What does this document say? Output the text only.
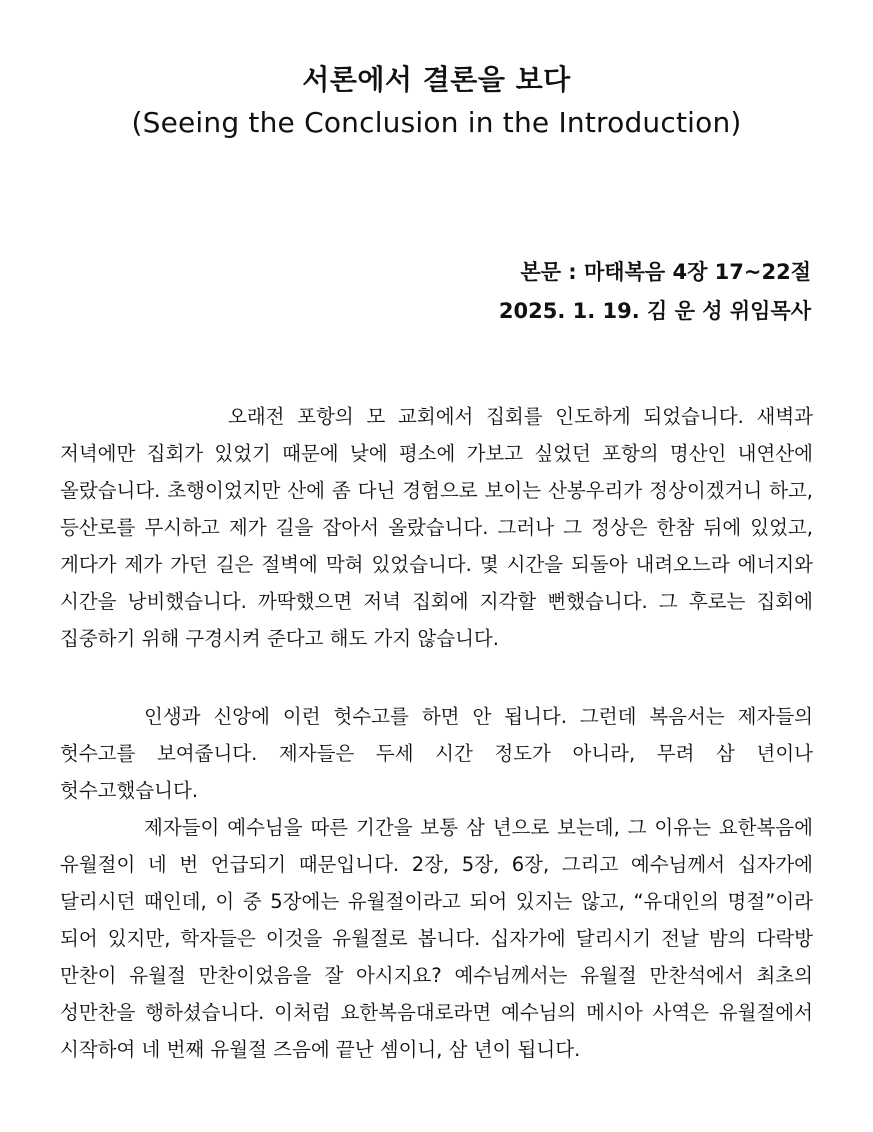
서론에서 결론을 보다
(Seeing the Conclusion in the Introduction)
본문 : 마태복음 4장 17~22절
2025. 1. 19. 김 운 성 위임목사

오래전 포항의 모 교회에서 집회를 인도하게 되었습니다. 새벽과 저녁에만 집회가 있었기 때문에 낮에 평소에 가보고 싶었던 포항의 명산인 내연산에 올랐습니다. 초행이었지만 산에 좀 다닌 경험으로 보이는 산봉우리가 정상이겠거니 하고, 등산로를 무시하고 제가 길을 잡아서 올랐습니다. 그러나 그 정상은 한참 뒤에 있었고, 게다가 제가 가던 길은 절벽에 막혀 있었습니다. 몇 시간을 되돌아 내려오느라 에너지와 시간을 낭비했습니다. 까딱했으면 저녁 집회에 지각할 뻔했습니다. 그 후로는 집회에 집중하기 위해 구경시켜 준다고 해도 가지 않습니다.

인생과 신앙에 이런 헛수고를 하면 안 됩니다. 그런데 복음서는 제자들의 헛수고를 보여줍니다. 제자들은 두세 시간 정도가 아니라, 무려 삼 년이나 헛수고했습니다.

제자들이 예수님을 따른 기간을 보통 삼 년으로 보는데, 그 이유는 요한복음에 유월절이 네 번 언급되기 때문입니다. 2장, 5장, 6장, 그리고 예수님께서 십자가에 달리시던 때인데, 이 중 5장에는 유월절이라고 되어 있지는 않고, “유대인의 명절”이라 되어 있지만, 학자들은 이것을 유월절로 봅니다. 십자가에 달리시기 전날 밤의 다락방 만찬이 유월절 만찬이었음을 잘 아시지요? 예수님께서는 유월절 만찬석에서 최초의 성만찬을 행하셨습니다. 이처럼 요한복음대로라면 예수님의 메시아 사역은 유월절에서 시작하여 네 번째 유월절 즈음에 끝난 셈이니, 삼 년이 됩니다.
